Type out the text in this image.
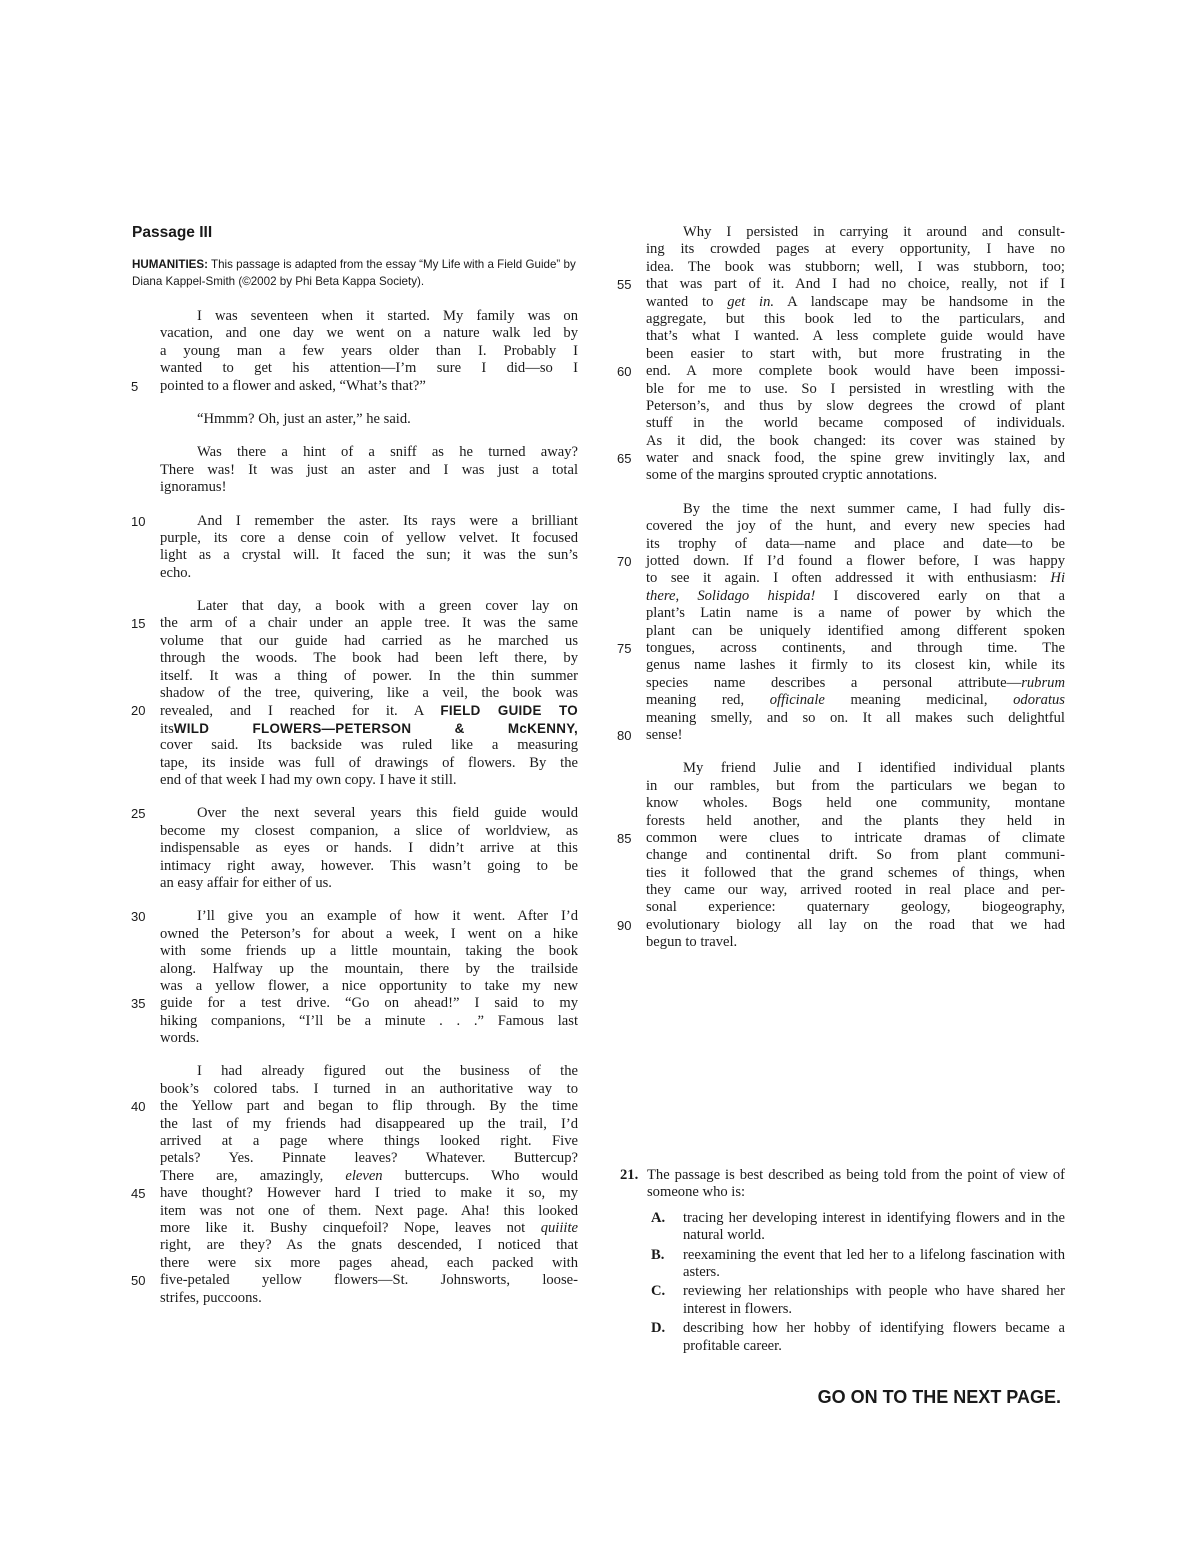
Passage III
HUMANITIES: This passage is adapted from the essay “My Life with a Field Guide” by Diana Kappel-Smith (©2002 by Phi Beta Kappa Society).
I was seventeen when it started. My family was on
vacation, and one day we went on a nature walk led by
a young man a few years older than I. Probably I
wanted to get his attention—I’m sure I did—so I
5 pointed to a flower and asked, “What’s that?”
“Hmmm? Oh, just an aster,” he said.
Was there a hint of a sniff as he turned away?
There was! It was just an aster and I was just a total
ignoramus!
10	And I remember the aster. Its rays were a brilliant
purple, its core a dense coin of yellow velvet. It focused
light as a crystal will. It faced the sun; it was the sun’s
echo.
Later that day, a book with a green cover lay on
15 the arm of a chair under an apple tree. It was the same
volume that our guide had carried as he marched us
through the woods. The book had been left there, by
itself. It was a thing of power. In the thin summer
shadow of the tree, quivering, like a veil, the book was
20 revealed, and I reached for it. A FIELD GUIDE TO
itsWILD FLOWERS—PETERSON & McKENNY,
cover said. Its backside was ruled like a measuring
tape, its inside was full of drawings of flowers. By the
end of that week I had my own copy. I have it still.
25	Over the next several years this field guide would
become my closest companion, a slice of worldview, as
indispensable as eyes or hands. I didn’t arrive at this
intimacy right away, however. This wasn’t going to be
an easy affair for either of us.
30	I’ll give you an example of how it went. After I’d
owned the Peterson’s for about a week, I went on a hike
with some friends up a little mountain, taking the book
along. Halfway up the mountain, there by the trailside
was a yellow flower, a nice opportunity to take my new
35 guide for a test drive. “Go on ahead!” I said to my
hiking companions, “I’ll be a minute . . .” Famous last
words.
I had already figured out the business of the
book’s colored tabs. I turned in an authoritative way to
40 the Yellow part and began to flip through. By the time
the last of my friends had disappeared up the trail, I’d
arrived at a page where things looked right. Five
petals? Yes. Pinnate leaves? Whatever. Buttercup?
There are, amazingly, eleven buttercups. Who would
45 have thought? However hard I tried to make it so, my
item was not one of them. Next page. Aha! this looked
more like it. Bushy cinquefoil? Nope, leaves not quiiite
right, are they? As the gnats descended, I noticed that
there were six more pages ahead, each packed with
50 five-petaled yellow flowers—St. Johnsworts, loose-
strifes, puccoons.
Why I persisted in carrying it around and consult-
ing its crowded pages at every opportunity, I have no
idea. The book was stubborn; well, I was stubborn, too;
55 that was part of it. And I had no choice, really, not if I
wanted to get in. A landscape may be handsome in the
aggregate, but this book led to the particulars, and
that’s what I wanted. A less complete guide would have
been easier to start with, but more frustrating in the
60 end. A more complete book would have been impossi-
ble for me to use. So I persisted in wrestling with the
Peterson’s, and thus by slow degrees the crowd of plant
stuff in the world became composed of individuals.
As it did, the book changed: its cover was stained by
65 water and snack food, the spine grew invitingly lax, and
some of the margins sprouted cryptic annotations.
By the time the next summer came, I had fully dis-
covered the joy of the hunt, and every new species had
its trophy of data—name and place and date—to be
70 jotted down. If I’d found a flower before, I was happy
to see it again. I often addressed it with enthusiasm: Hi
there, Solidago hispida! I discovered early on that a
plant’s Latin name is a name of power by which the
plant can be uniquely identified among different spoken
75 tongues, across continents, and through time. The
genus name lashes it firmly to its closest kin, while its
species name describes a personal attribute—rubrum
meaning red, officinale meaning medicinal, odoratus
meaning smelly, and so on. It all makes such delightful
80 sense!
My friend Julie and I identified individual plants
in our rambles, but from the particulars we began to
know wholes. Bogs held one community, montane
forests held another, and the plants they held in
85 common were clues to intricate dramas of climate
change and continental drift. So from plant communi-
ties it followed that the grand schemes of things, when
they came our way, arrived rooted in real place and per-
sonal experience: quaternary geology, biogeography,
90 evolutionary biology all lay on the road that we had
begun to travel.
21. The passage is best described as being told from the point of view of someone who is:
A. tracing her developing interest in identifying flowers and in the natural world.
B. reexamining the event that led her to a lifelong fascination with asters.
C. reviewing her relationships with people who have shared her interest in flowers.
D. describing how her hobby of identifying flowers became a profitable career.
GO ON TO THE NEXT PAGE.
